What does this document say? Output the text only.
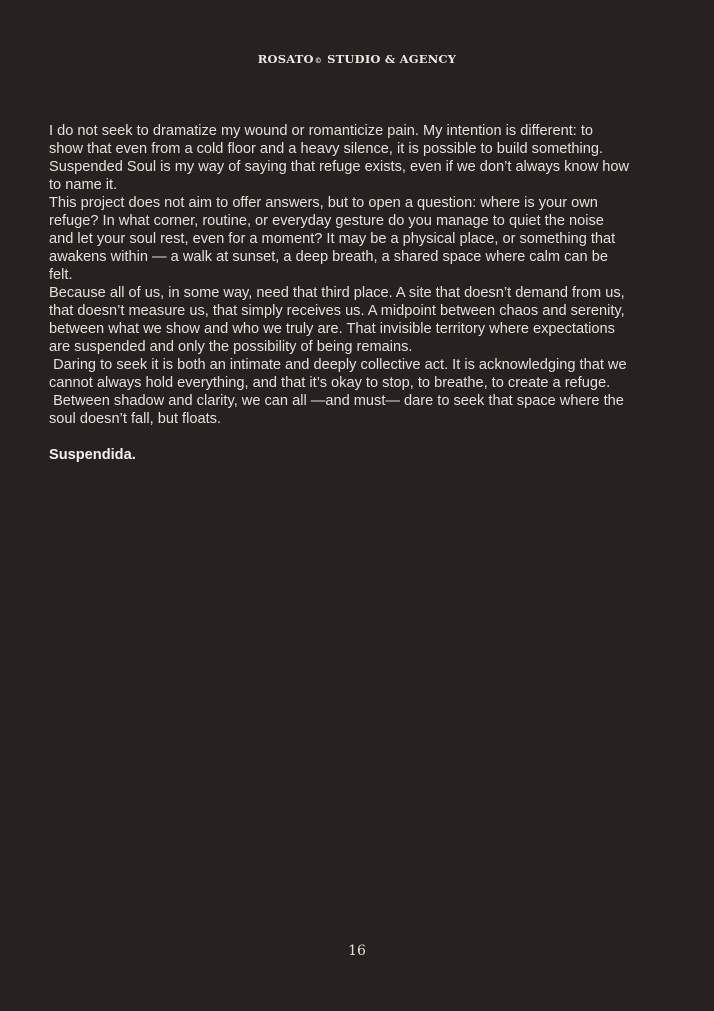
ROSATO© STUDIO & AGENCY

I do not seek to dramatize my wound or romanticize pain. My intention is different: to show that even from a cold floor and a heavy silence, it is possible to build something. Suspended Soul is my way of saying that refuge exists, even if we don’t always know how to name it.

This project does not aim to offer answers, but to open a question: where is your own refuge? In what corner, routine, or everyday gesture do you manage to quiet the noise and let your soul rest, even for a moment? It may be a physical place, or something that awakens within — a walk at sunset, a deep breath, a shared space where calm can be felt.

Because all of us, in some way, need that third place. A site that doesn’t demand from us, that doesn’t measure us, that simply receives us. A midpoint between chaos and serenity, between what we show and who we truly are. That invisible territory where expectations are suspended and only the possibility of being remains.

Daring to seek it is both an intimate and deeply collective act. It is acknowledging that we cannot always hold everything, and that it’s okay to stop, to breathe, to create a refuge.

Between shadow and clarity, we can all —and must— dare to seek that space where the soul doesn’t fall, but floats.

Suspendida.

16
